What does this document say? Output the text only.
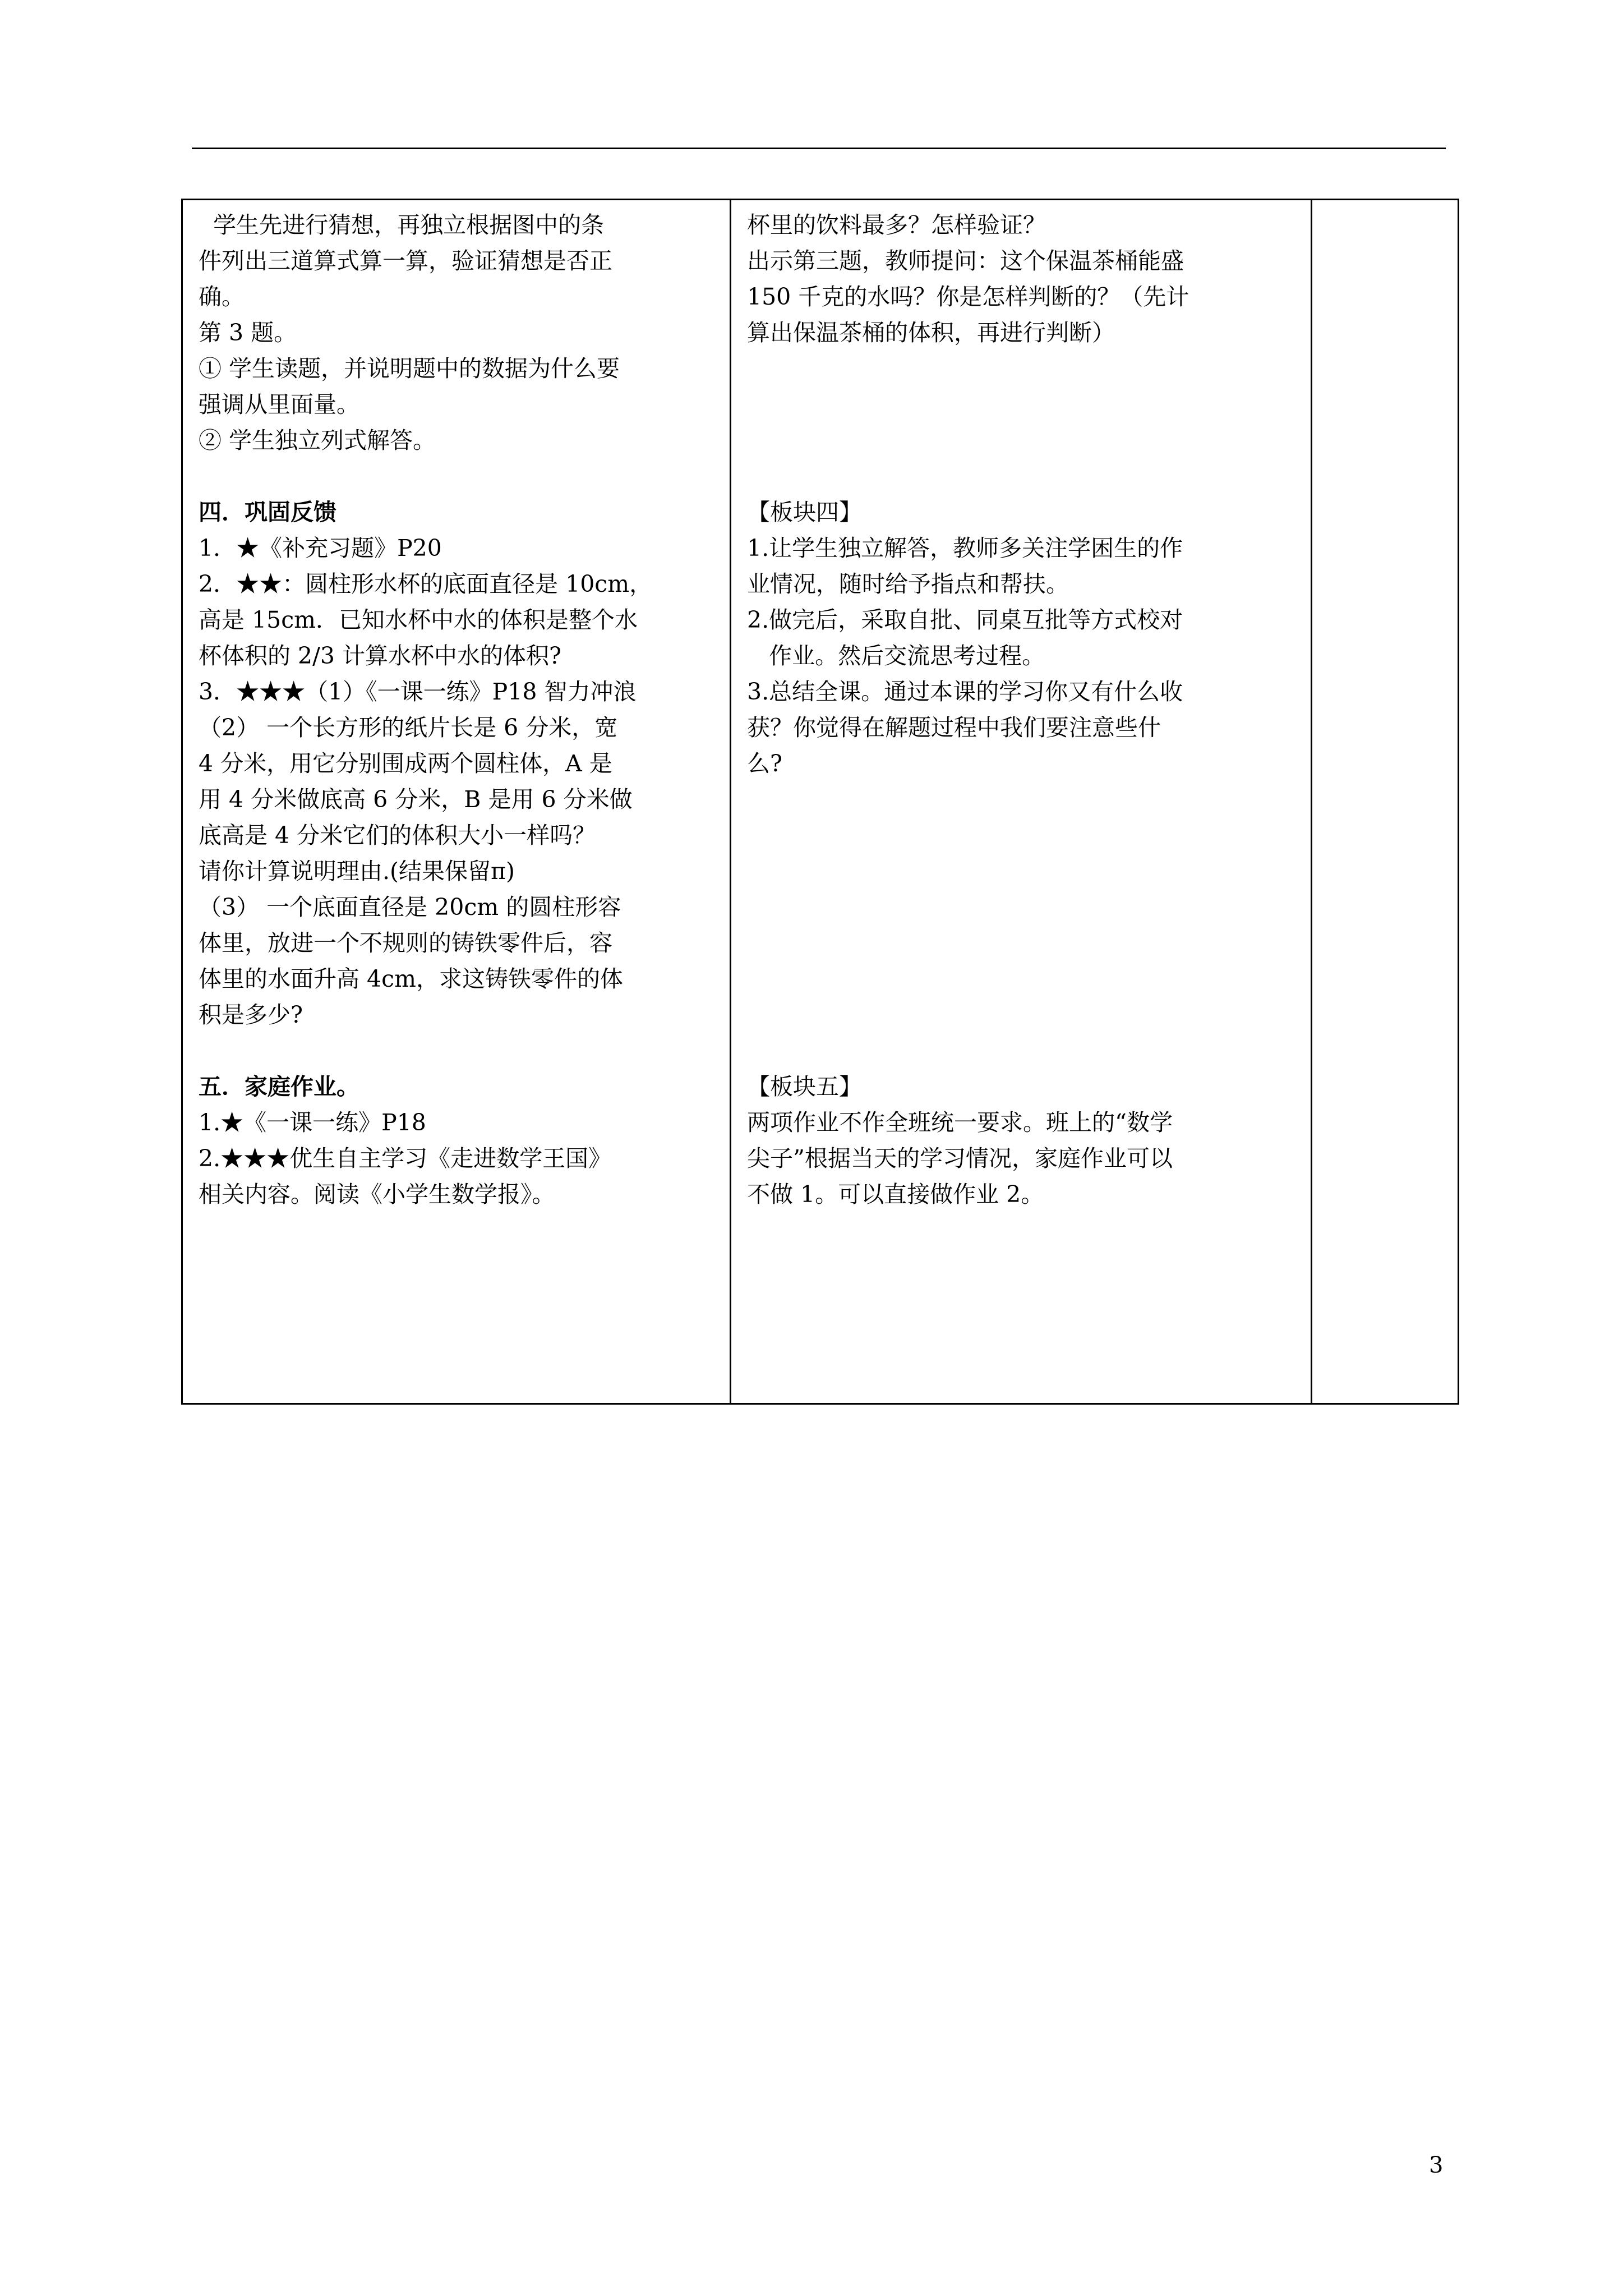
学生先进行猜想，再独立根据图中的条
件列出三道算式算一算，验证猜想是否正
确。
第 3 题。
① 学生读题，并说明题中的数据为什么要
强调从里面量。
② 学生独立列式解答。
四．巩固反馈
1．★《补充习题》P20
2．★★：圆柱形水杯的底面直径是 10cm，
高是 15cm．已知水杯中水的体积是整个水
杯体积的 2/3 计算水杯中水的体积?
3．★★★（1）《一课一练》P18 智力冲浪
（2） 一个长方形的纸片长是 6 分米，宽
4 分米，用它分别围成两个圆柱体，A 是
用 4 分米做底高 6 分米，B 是用 6 分米做
底高是 4 分米它们的体积大小一样吗？
请你计算说明理由.(结果保留π)
（3） 一个底面直径是 20cm 的圆柱形容
体里，放进一个不规则的铸铁零件后，容
体里的水面升高 4cm，求这铸铁零件的体
积是多少?
五．家庭作业。
1.★《一课一练》P18
2.★★★优生自主学习《走进数学王国》
相关内容。阅读《小学生数学报》。

杯里的饮料最多？怎样验证？
出示第三题，教师提问：这个保温茶桶能盛
150 千克的水吗？你是怎样判断的？（先计
算出保温茶桶的体积，再进行判断）
【板块四】
1.让学生独立解答，教师多关注学困生的作
业情况，随时给予指点和帮扶。
2.做完后，采取自批、同桌互批等方式校对
作业。然后交流思考过程。
3.总结全课。通过本课的学习你又有什么收
获？你觉得在解题过程中我们要注意些什
么?
【板块五】
两项作业不作全班统一要求。班上的“数学
尖子”根据当天的学习情况，家庭作业可以
不做 1。可以直接做作业 2。

3
